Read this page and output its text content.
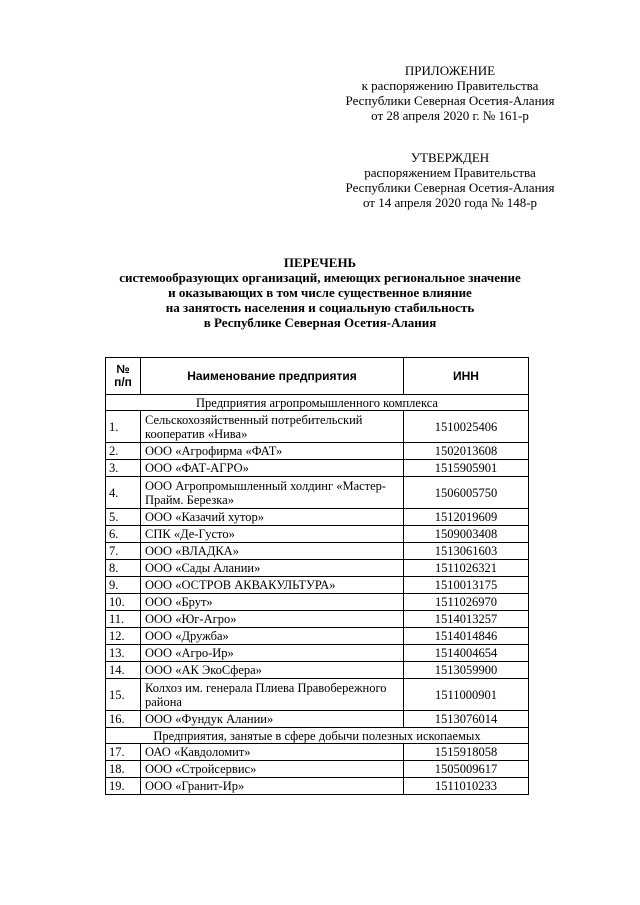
ПРИЛОЖЕНИЕ
к распоряжению Правительства
Республики Северная Осетия-Алания
от 28 апреля 2020 г. № 161-р
УТВЕРЖДЕН
распоряжением Правительства
Республики Северная Осетия-Алания
от 14 апреля 2020 года № 148-р
ПЕРЕЧЕНЬ
системообразующих организаций, имеющих региональное значение
и оказывающих в том числе существенное влияние
на занятость населения и социальную стабильность
в Республике Северная Осетия-Алания
№ п/п	Наименование предприятия	ИНН
Предприятия агропромышленного комплекса		
1.	Сельскохозяйственный потребительский кооператив «Нива»	1510025406
2.	ООО «Агрофирма «ФАТ»	1502013608
3.	ООО «ФАТ-АГРО»	1515905901
4.	ООО Агропромышленный холдинг «Мастер-Прайм. Березка»	1506005750
5.	ООО «Казачий хутор»	1512019609
6.	СПК «Де-Густо»	1509003408
7.	ООО «ВЛАДКА»	1513061603
8.	ООО «Сады Алании»	1511026321
9.	ООО «ОСТРОВ АКВАКУЛЬТУРА»	1510013175
10.	ООО «Брут»	1511026970
11.	ООО «Юг-Агро»	1514013257
12.	ООО «Дружба»	1514014846
13.	ООО «Агро-Ир»	1514004654
14.	ООО «АК ЭкоСфера»	1513059900
15.	Колхоз им. генерала Плиева Правобережного района	1511000901
16.	ООО «Фундук Алании»	1513076014
Предприятия, занятые в сфере добычи полезных ископаемых		
17.	ОАО «Кавдоломит»	1515918058
18.	ООО «Стройсервис»	1505009617
19.	ООО «Гранит-Ир»	1511010233
